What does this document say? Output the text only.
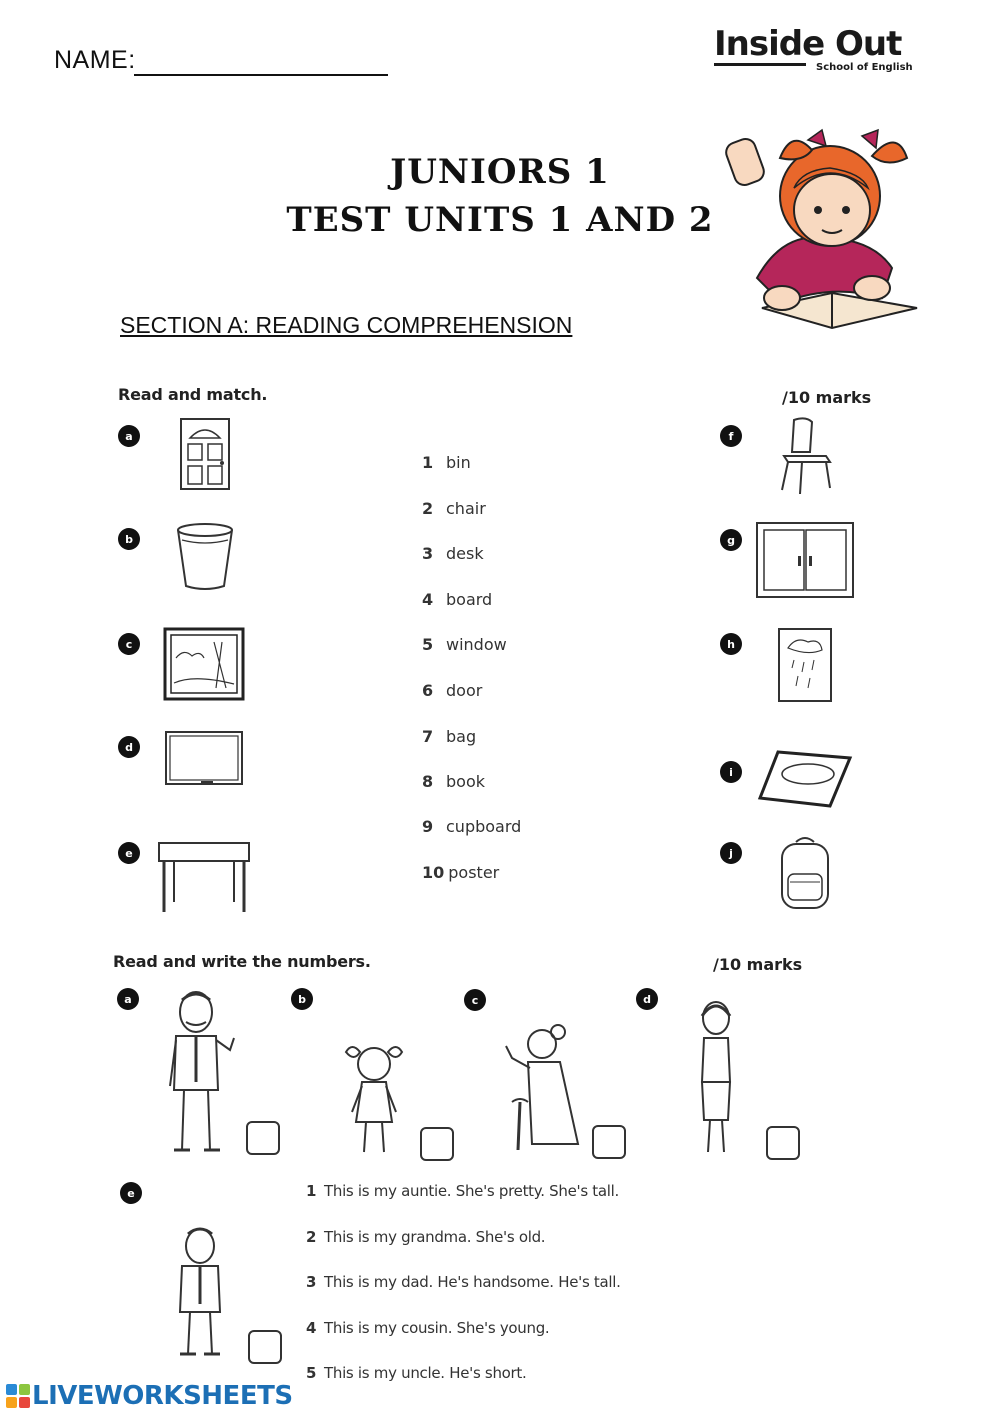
NAME:	Inside Out
School of English
JUNIORS 1
TEST UNITS 1 AND 2
SECTION A: READING COMPREHENSION
Read and match.	/10 marks
a
b
c
d
e
f
g
h
i
j
1 bin
2 chair
3 desk
4 board
5 window
6 door
7 bag
8 book
9 cupboard
10 poster
Read and write the numbers.	/10 marks
a	b	c	d
e	1 This is my auntie. She's pretty. She's tall.
2 This is my grandma. She's old.
3 This is my dad. He's handsome. He's tall.
4 This is my cousin. She's young.
5 This is my uncle. He's short.
LIVEWORKSHEETS
